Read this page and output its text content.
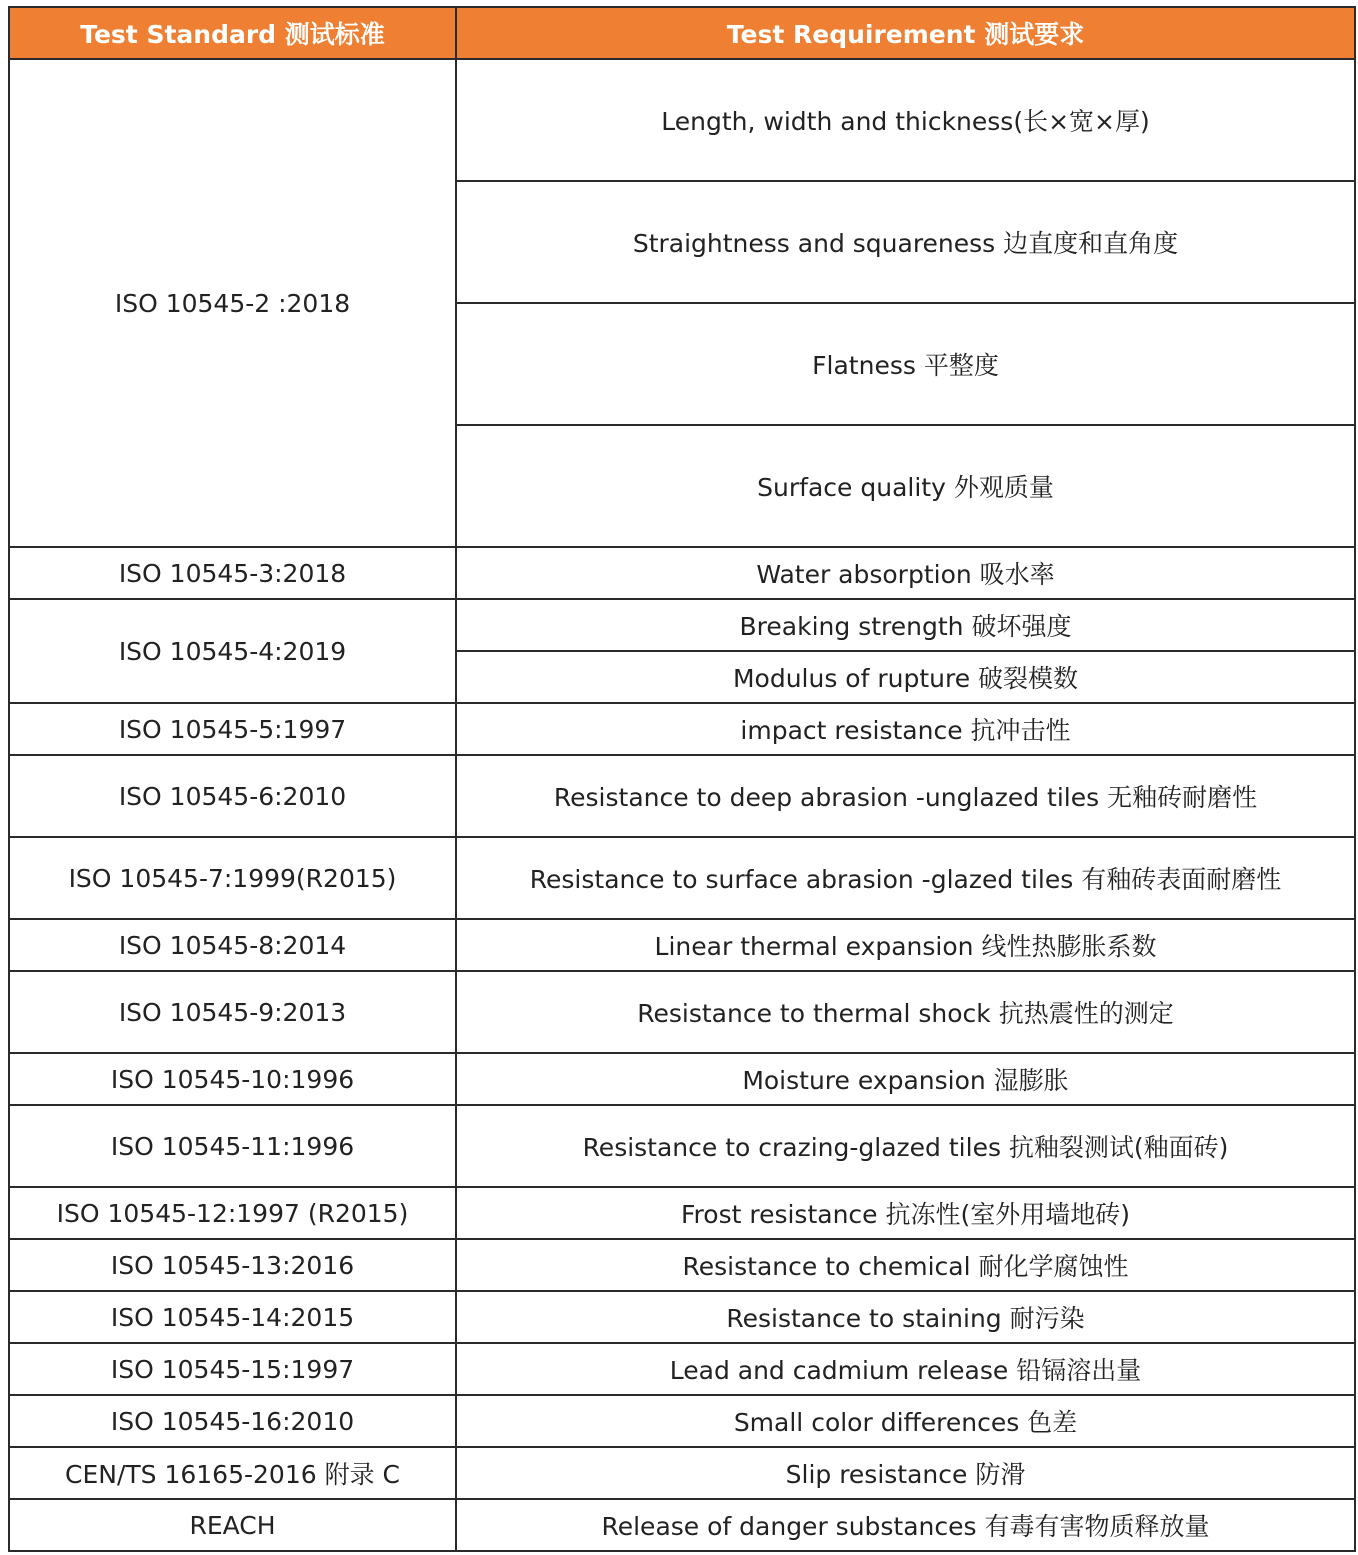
Test Standard 测试标准	Test Requirement 测试要求
ISO 10545-2 :2018	Length, width and thickness(长×宽×厚)
	Straightness and squareness 边直度和直角度
	Flatness 平整度
	Surface quality 外观质量
ISO 10545-3:2018	Water absorption 吸水率
ISO 10545-4:2019	Breaking strength 破坏强度
	Modulus of rupture 破裂模数
ISO 10545-5:1997	impact resistance 抗冲击性
ISO 10545-6:2010	Resistance to deep abrasion -unglazed tiles 无釉砖耐磨性
ISO 10545-7:1999(R2015)	Resistance to surface abrasion -glazed tiles 有釉砖表面耐磨性
ISO 10545-8:2014	Linear thermal expansion 线性热膨胀系数
ISO 10545-9:2013	Resistance to thermal shock 抗热震性的测定
ISO 10545-10:1996	Moisture expansion 湿膨胀
ISO 10545-11:1996	Resistance to crazing-glazed tiles 抗釉裂测试(釉面砖)
ISO 10545-12:1997 (R2015)	Frost resistance 抗冻性(室外用墙地砖)
ISO 10545-13:2016	Resistance to chemical 耐化学腐蚀性
ISO 10545-14:2015	Resistance to staining 耐污染
ISO 10545-15:1997	Lead and cadmium release 铅镉溶出量
ISO 10545-16:2010	Small color differences 色差
CEN/TS 16165-2016 附录 C	Slip resistance 防滑
REACH	Release of danger substances 有毒有害物质释放量
